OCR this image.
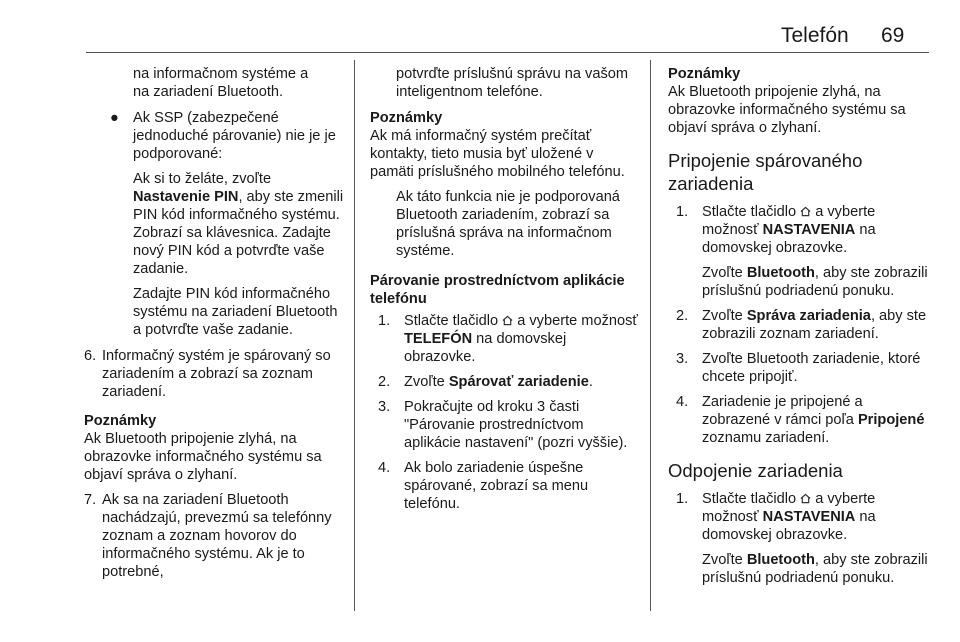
Telefón 69

na informačnom systéme a
na zariadení Bluetooth.

● Ak SSP (zabezpečené jednoduché párovanie) nie je je podporované:

Ak si to želáte, zvoľte Nastavenie PIN, aby ste zmenili PIN kód informačného systému. Zobrazí sa klávesnica. Zadajte nový PIN kód a potvrďte vaše zadanie.

Zadajte PIN kód informačného systému na zariadení Bluetooth a potvrďte vaše zadanie.

6. Informačný systém je spárovaný so zariadením a zobrazí sa zoznam zariadení.

Poznámky

Ak Bluetooth pripojenie zlyhá, na obrazovke informačného systému sa objaví správa o zlyhaní.

7. Ak sa na zariadení Bluetooth nachádzajú, prevezmú sa telefónny zoznam a zoznam hovorov do informačného systému. Ak je to potrebné,

potvrďte príslušnú správu na vašom inteligentnom telefóne.

Poznámky

Ak má informačný systém prečítať kontakty, tieto musia byť uložené v pamäti príslušného mobilného telefónu.

Ak táto funkcia nie je podporovaná Bluetooth zariadením, zobrazí sa príslušná správa na informačnom systéme.

Párovanie prostredníctvom aplikácie telefónu

1. Stlačte tlačidlo  a vyberte možnosť TELEFÓN na domovskej obrazovke.

2. Zvoľte Spárovať zariadenie.

3. Pokračujte od kroku 3 časti "Párovanie prostredníctvom aplikácie nastavení" (pozri vyššie).

4. Ak bolo zariadenie úspešne spárované, zobrazí sa menu telefónu.

Poznámky

Ak Bluetooth pripojenie zlyhá, na obrazovke informačného systému sa objaví správa o zlyhaní.

Pripojenie spárovaného zariadenia

1. Stlačte tlačidlo  a vyberte možnosť NASTAVENIA na domovskej obrazovke.

Zvoľte Bluetooth, aby ste zobrazili príslušnú podriadenú ponuku.

2. Zvoľte Správa zariadenia, aby ste zobrazili zoznam zariadení.

3. Zvoľte Bluetooth zariadenie, ktoré chcete pripojiť.

4. Zariadenie je pripojené a zobrazené v rámci poľa Pripojené zoznamu zariadení.

Odpojenie zariadenia

1. Stlačte tlačidlo  a vyberte možnosť NASTAVENIA na domovskej obrazovke.

Zvoľte Bluetooth, aby ste zobrazili príslušnú podriadenú ponuku.
